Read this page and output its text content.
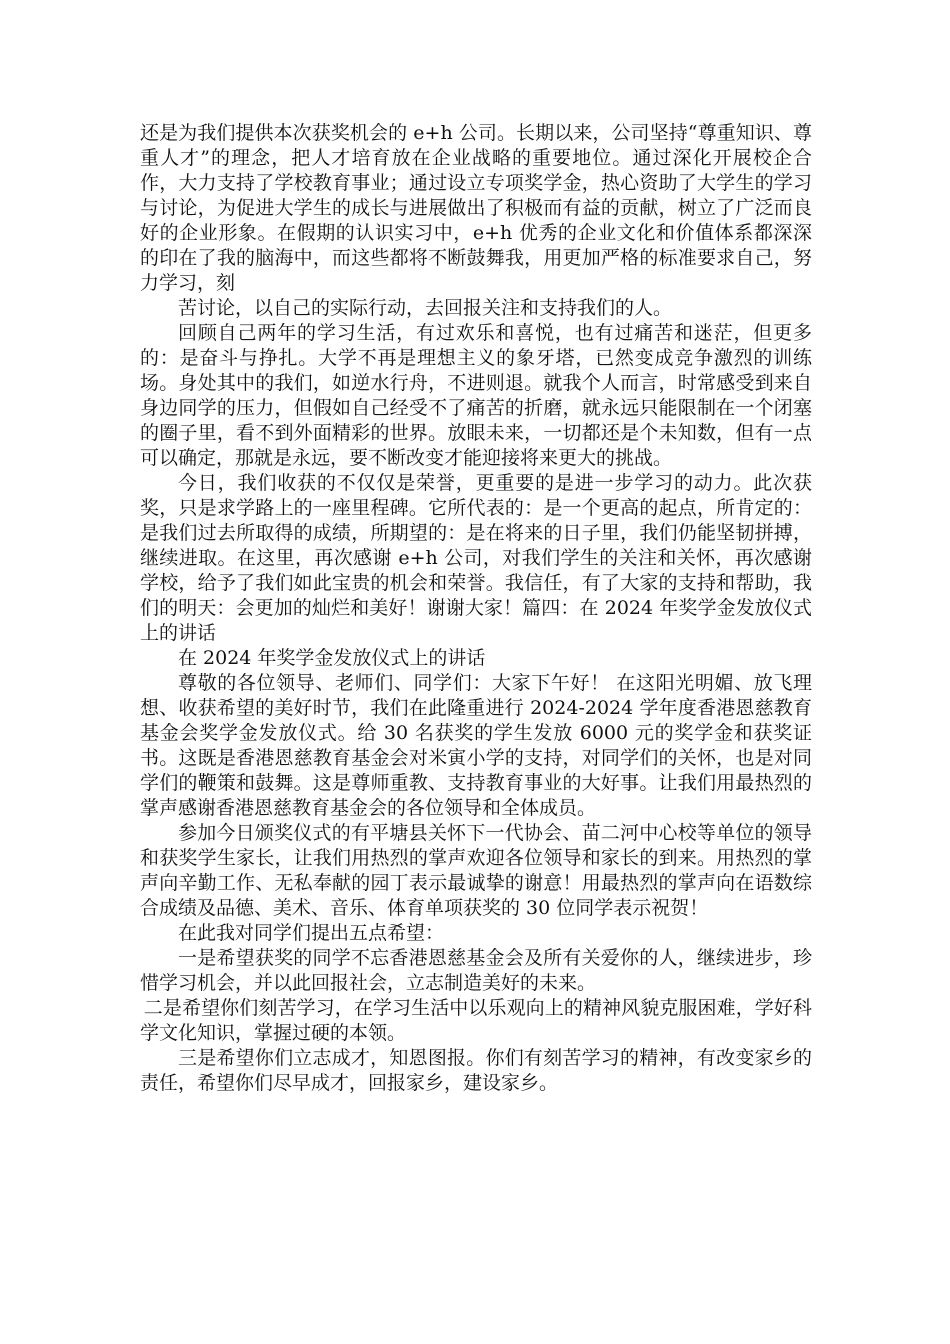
还是为我们提供本次获奖机会的 e+h 公司。长期以来，公司坚持“尊重知识、尊重人才”的理念，把人才培育放在企业战略的重要地位。通过深化开展校企合作，大力支持了学校教育事业；通过设立专项奖学金，热心资助了大学生的学习与讨论，为促进大学生的成长与进展做出了积极而有益的贡献，树立了广泛而良好的企业形象。在假期的认识实习中，e+h 优秀的企业文化和价值体系都深深的印在了我的脑海中，而这些都将不断鼓舞我，用更加严格的标准要求自己，努力学习，刻

苦讨论，以自己的实际行动，去回报关注和支持我们的人。

回顾自己两年的学习生活，有过欢乐和喜悦，也有过痛苦和迷茫，但更多的：是奋斗与挣扎。大学不再是理想主义的象牙塔，已然变成竞争激烈的训练场。身处其中的我们，如逆水行舟，不进则退。就我个人而言，时常感受到来自身边同学的压力，但假如自己经受不了痛苦的折磨，就永远只能限制在一个闭塞的圈子里，看不到外面精彩的世界。放眼未来，一切都还是个未知数，但有一点可以确定，那就是永远，要不断改变才能迎接将来更大的挑战。

今日，我们收获的不仅仅是荣誉，更重要的是进一步学习的动力。此次获奖，只是求学路上的一座里程碑。它所代表的：是一个更高的起点，所肯定的：是我们过去所取得的成绩，所期望的：是在将来的日子里，我们仍能坚韧拼搏，继续进取。在这里，再次感谢 e+h 公司，对我们学生的关注和关怀，再次感谢学校，给予了我们如此宝贵的机会和荣誉。我信任，有了大家的支持和帮助，我们的明天：会更加的灿烂和美好！谢谢大家！篇四：在 2024 年奖学金发放仪式上的讲话

在 2024 年奖学金发放仪式上的讲话

尊敬的各位领导、老师们、同学们：大家下午好！ 在这阳光明媚、放飞理想、收获希望的美好时节，我们在此隆重进行 2024-2024 学年度香港恩慈教育基金会奖学金发放仪式。给 30 名获奖的学生发放 6000 元的奖学金和获奖证书。这既是香港恩慈教育基金会对米寅小学的支持，对同学们的关怀，也是对同学们的鞭策和鼓舞。这是尊师重教、支持教育事业的大好事。让我们用最热烈的掌声感谢香港恩慈教育基金会的各位领导和全体成员。

参加今日颁奖仪式的有平塘县关怀下一代协会、苗二河中心校等单位的领导和获奖学生家长，让我们用热烈的掌声欢迎各位领导和家长的到来。用热烈的掌声向辛勤工作、无私奉献的园丁表示最诚挚的谢意！用最热烈的掌声向在语数综合成绩及品德、美术、音乐、体育单项获奖的 30 位同学表示祝贺！

在此我对同学们提出五点希望：

一是希望获奖的同学不忘香港恩慈基金会及所有关爱你的人，继续进步，珍惜学习机会，并以此回报社会，立志制造美好的未来。

二是希望你们刻苦学习，在学习生活中以乐观向上的精神风貌克服困难，学好科学文化知识，掌握过硬的本领。

三是希望你们立志成才，知恩图报。你们有刻苦学习的精神，有改变家乡的责任，希望你们尽早成才，回报家乡，建设家乡。
